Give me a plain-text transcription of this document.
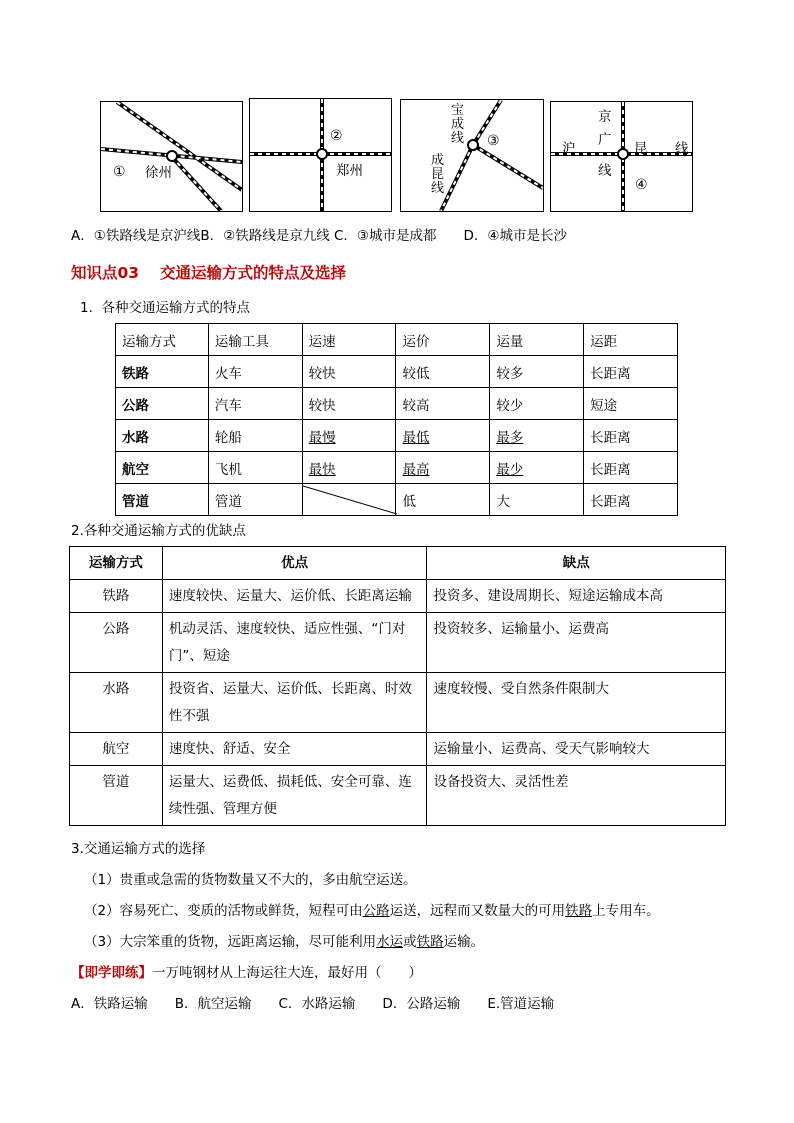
① 徐州
②
郑州
宝成线 ③
成昆线
京
广
沪	昆 线
线
④
A．①铁路线是京沪线B．②铁路线是京九线 C．③城市是成都　　D．④城市是长沙
知识点03　 交通运输方式的特点及选择
1.  各种交通运输方式的特点
运输方式	运输工具	运速	运价	运量	运距
铁路	火车	较快	较低	较多	长距离
公路	汽车	较快	较高	较少	短途
水路	轮船	最慢	最低	最多	长距离
航空	飞机	最快	最高	最少	长距离
管道	管道		低	大	长距离
2.各种交通运输方式的优缺点
运输方式	优点	缺点
铁路	速度较快、运量大、运价低、长距离运输	投资多、建设周期长、短途运输成本高
公路	机动灵活、速度较快、适应性强、“门对门”、短途	投资较多、运输量小、运费高
水路	投资省、运量大、运价低、长距离、时效性不强	速度较慢、受自然条件限制大
航空	速度快、舒适、安全	运输量小、运费高、受天气影响较大
管道	运量大、运费低、损耗低、安全可靠、连续性强、管理方便	设备投资大、灵活性差
3.交通运输方式的选择
（1）贵重或急需的货物数量又不大的，多由航空运送。
（2）容易死亡、变质的活物或鲜货，短程可由公路运送，远程而又数量大的可用铁路上专用车。
（3）大宗笨重的货物，远距离运输，尽可能利用水运或铁路运输。
【即学即练】一万吨钢材从上海运往大连，最好用（　　）
A．铁路运输　　B．航空运输　　C．水路运输　　D．公路运输　　E.管道运输
